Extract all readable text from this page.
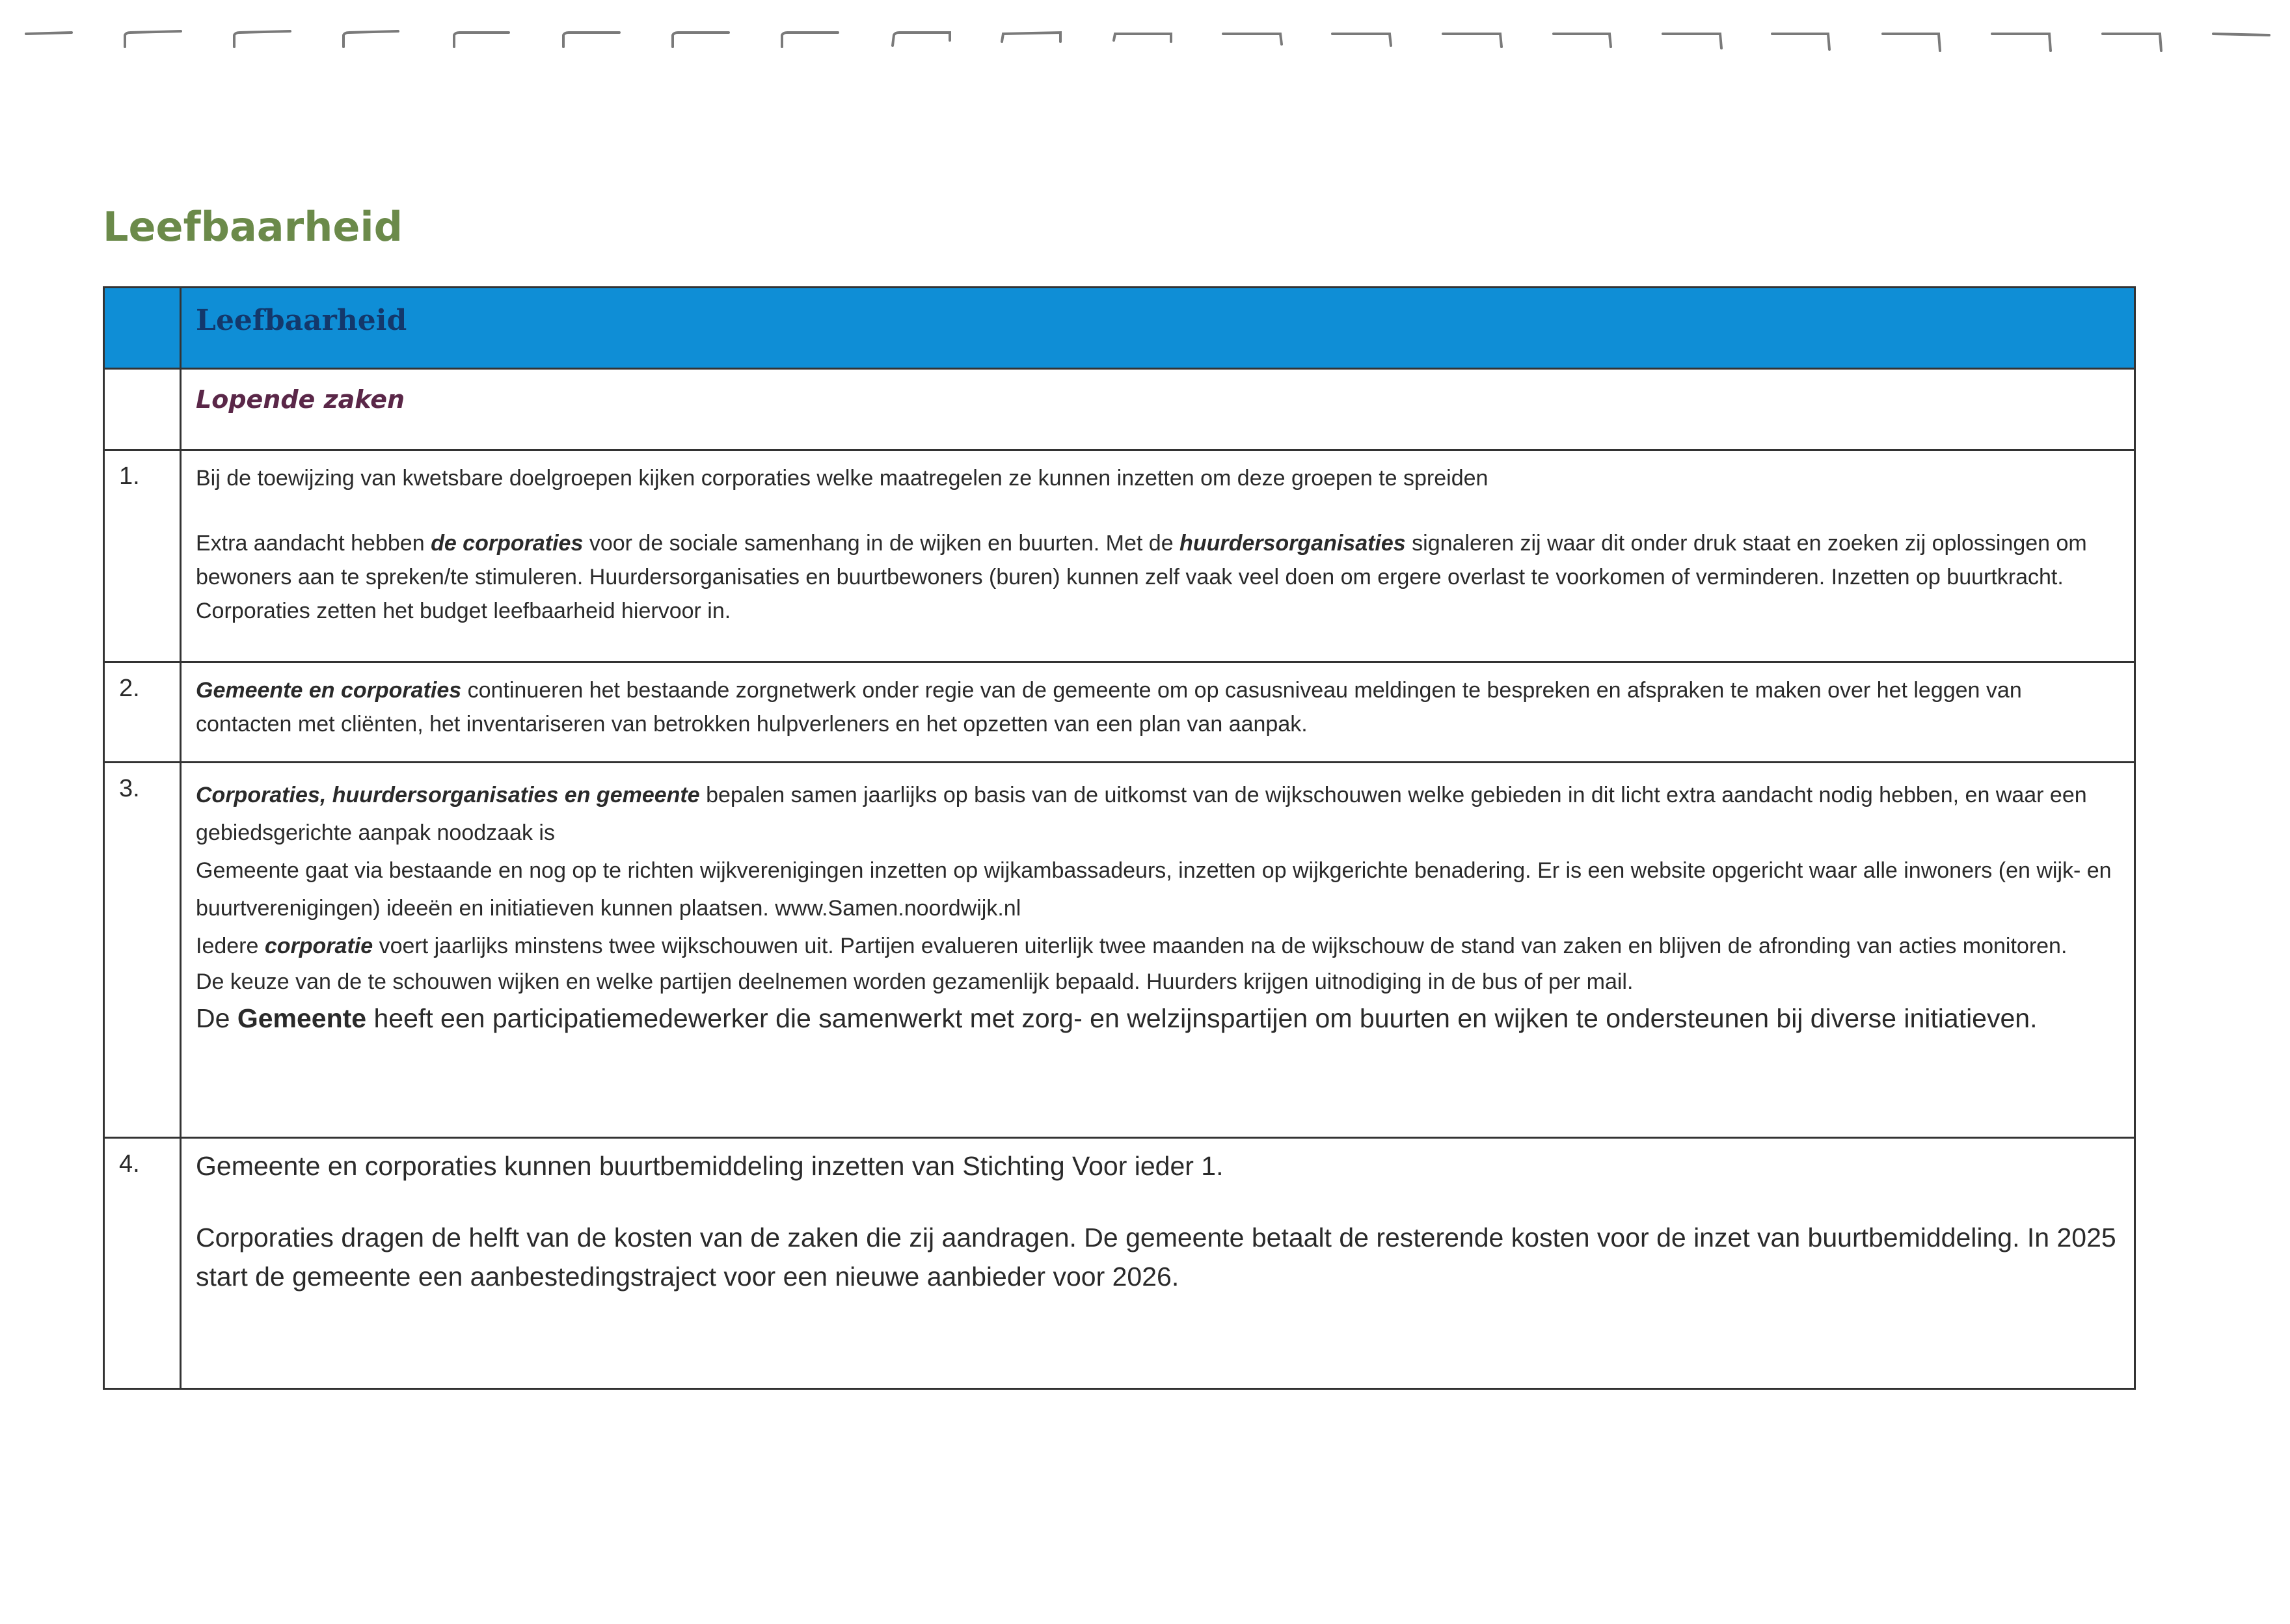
Leefbaarheid

	Leefbaarheid

	Lopende zaken

1.	Bij de toewijzing van kwetsbare doelgroepen kijken corporaties welke maatregelen ze kunnen inzetten om deze groepen te spreiden

Extra aandacht hebben de corporaties voor de sociale samenhang in de wijken en buurten. Met de huurdersorganisaties signaleren zij waar dit onder druk staat en zoeken zij oplossingen om bewoners aan te spreken/te stimuleren. Huurdersorganisaties en buurtbewoners (buren) kunnen zelf vaak veel doen om ergere overlast te voorkomen of verminderen. Inzetten op buurtkracht.

Corporaties zetten het budget leefbaarheid hiervoor in.

2.	Gemeente en corporaties continueren het bestaande zorgnetwerk onder regie van de gemeente om op casusniveau meldingen te bespreken en afspraken te maken over het leggen van contacten met cliënten, het inventariseren van betrokken hulpverleners en het opzetten van een plan van aanpak.

3.	Corporaties, huurdersorganisaties en gemeente bepalen samen jaarlijks op basis van de uitkomst van de wijkschouwen welke gebieden in dit licht extra aandacht nodig hebben, en waar een gebiedsgerichte aanpak noodzaak is

Gemeente gaat via bestaande en nog op te richten wijkverenigingen inzetten op wijkambassadeurs, inzetten op wijkgerichte benadering. Er is een website opgericht waar alle inwoners (en wijk- en buurtverenigingen) ideeën en initiatieven kunnen plaatsen. www.Samen.noordwijk.nl

Iedere corporatie voert jaarlijks minstens twee wijkschouwen uit. Partijen evalueren uiterlijk twee maanden na de wijkschouw de stand van zaken en blijven de afronding van acties monitoren.

De keuze van de te schouwen wijken en welke partijen deelnemen worden gezamenlijk bepaald. Huurders krijgen uitnodiging in de bus of per mail.

De Gemeente heeft een participatiemedewerker die samenwerkt met zorg- en welzijnspartijen om buurten en wijken te ondersteunen bij diverse initiatieven.

4.	Gemeente en corporaties kunnen buurtbemiddeling inzetten van Stichting Voor ieder 1.

Corporaties dragen de helft van de kosten van de zaken die zij aandragen. De gemeente betaalt de resterende kosten voor de inzet van buurtbemiddeling. In 2025 start de gemeente een aanbestedingstraject voor een nieuwe aanbieder voor 2026.
